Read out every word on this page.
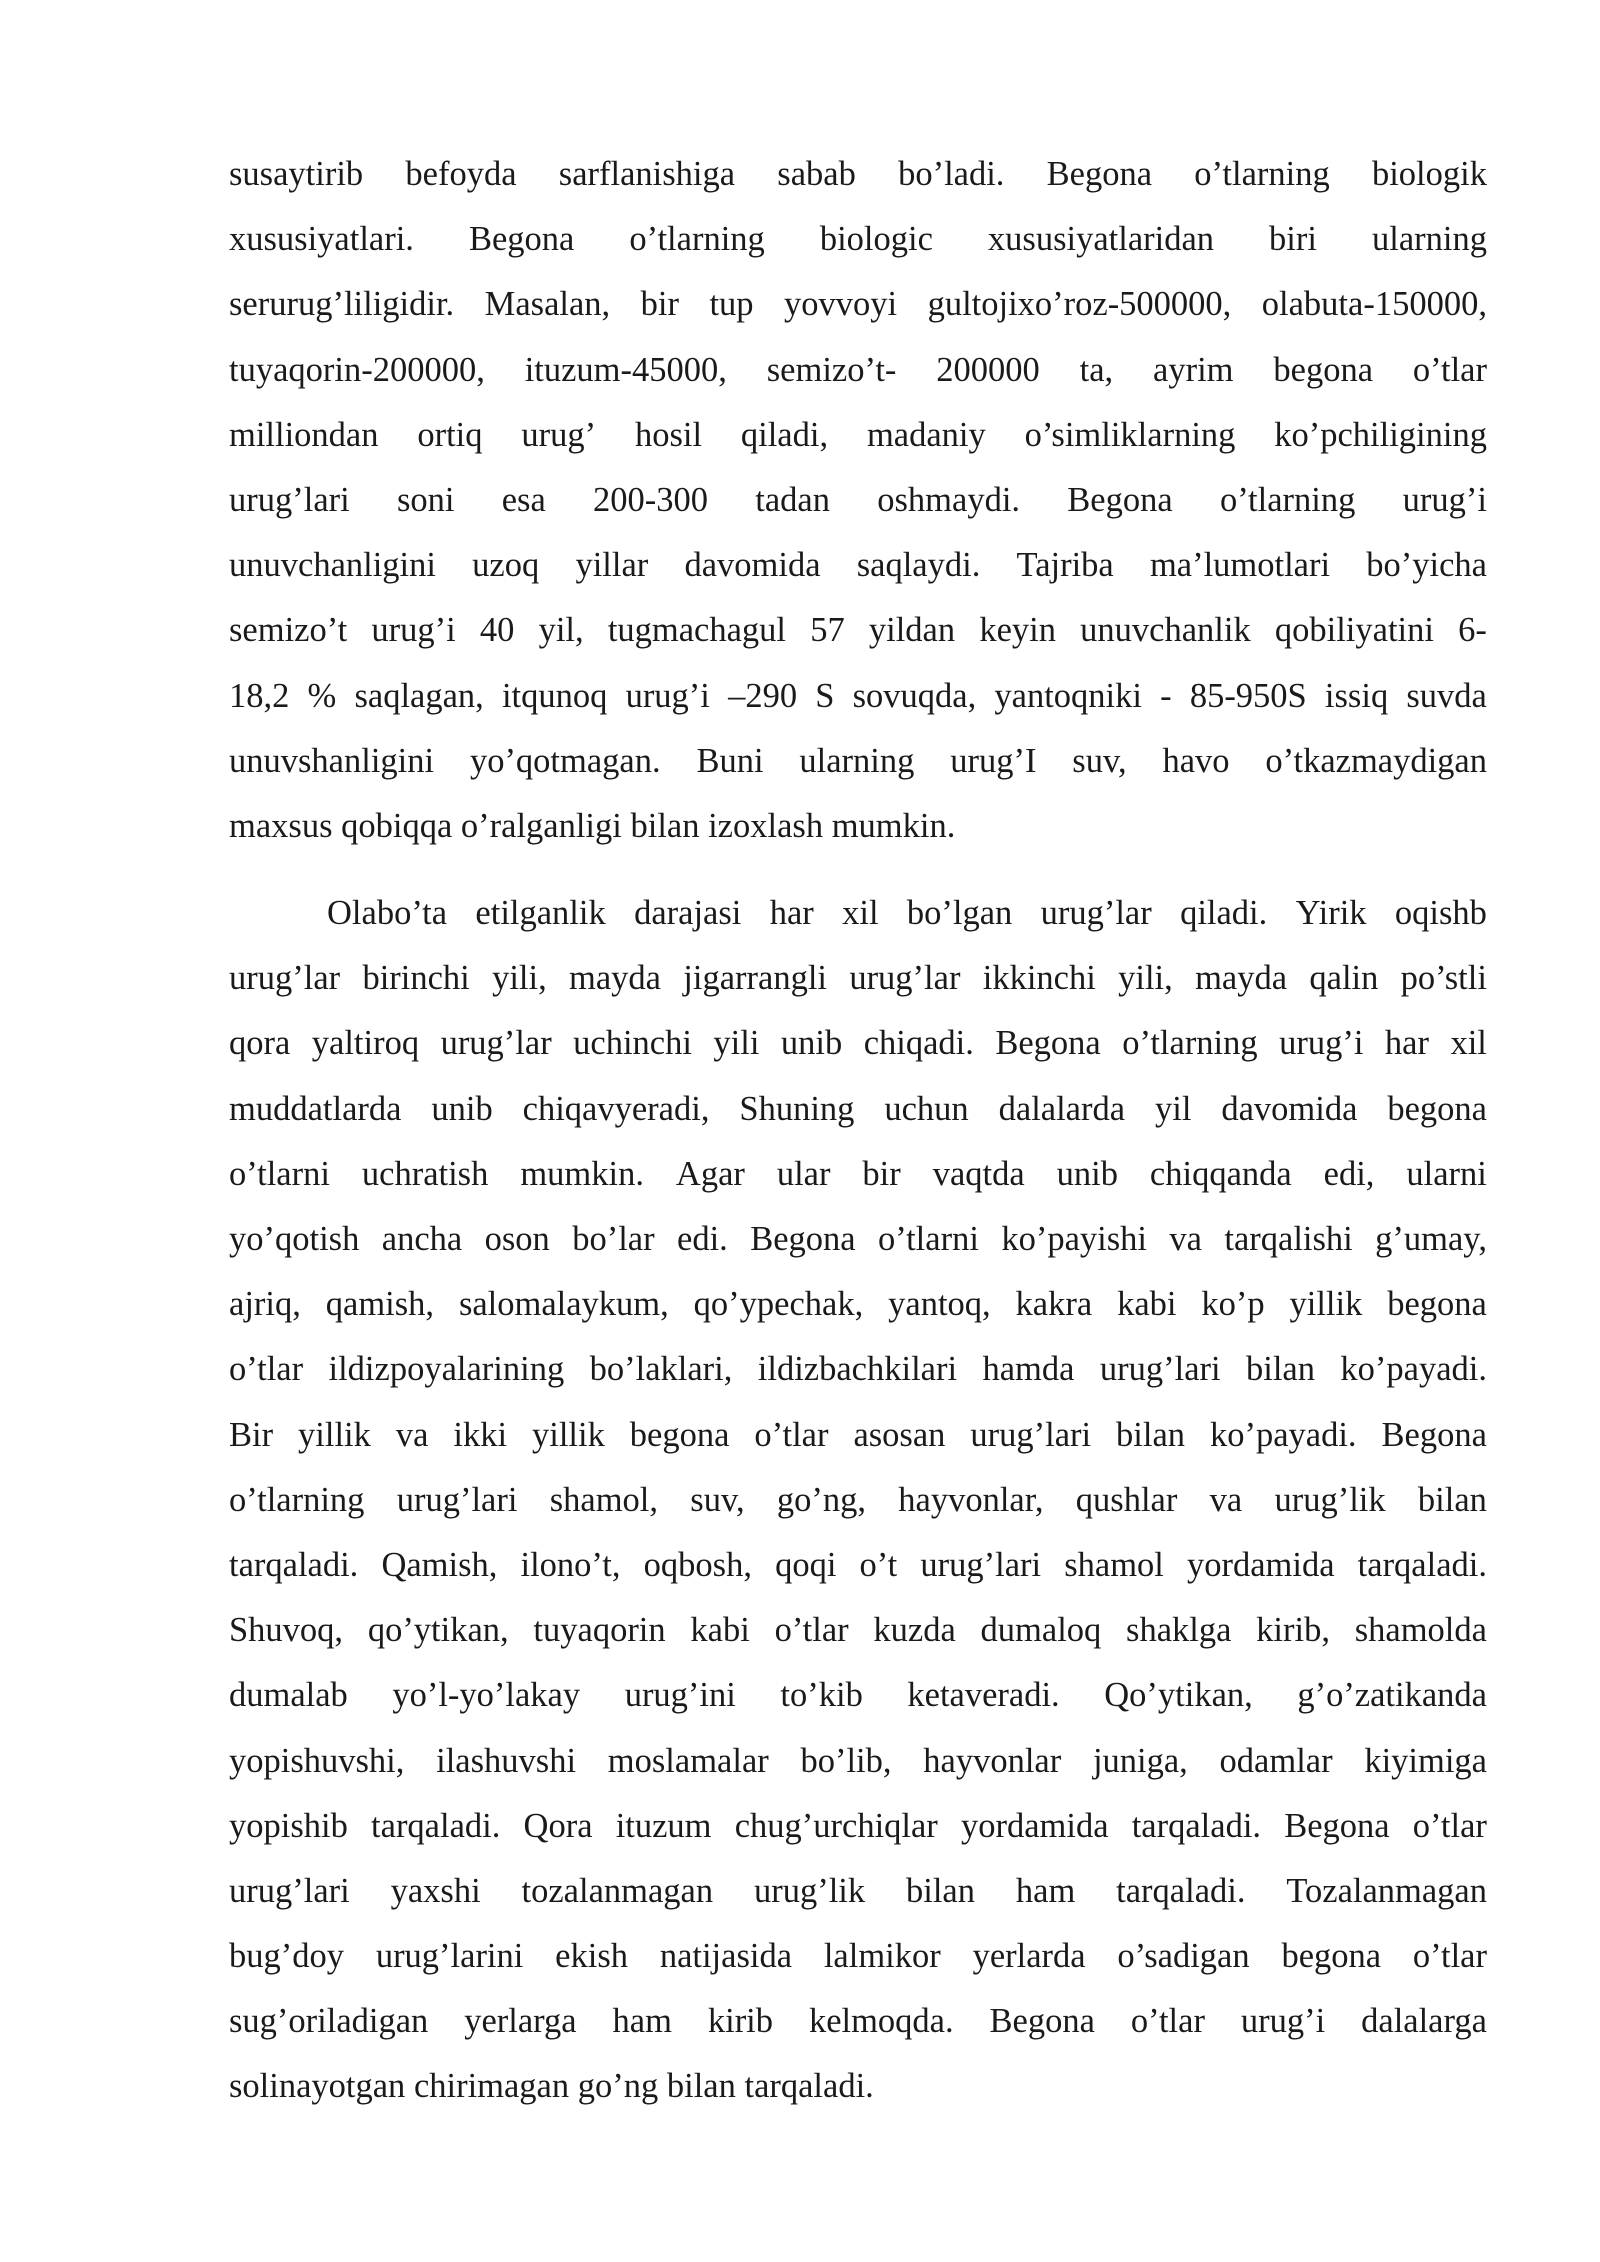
susaytirib befoyda sarflanishiga sabab bo’ladi. Begona o’tlarning biologik
xususiyatlari. Begona o’tlarning biologic xususiyatlaridan biri ularning
serurug’liligidir. Masalan, bir tup yovvoyi gultojixo’roz-500000, olabuta-150000,
tuyaqorin-200000, ituzum-45000, semizo’t- 200000 ta, ayrim begona o’tlar
milliondan ortiq urug’ hosil qiladi, madaniy o’simliklarning ko’pchiligining
urug’lari soni esa 200-300 tadan oshmaydi. Begona o’tlarning urug’i
unuvchanligini uzoq yillar davomida saqlaydi. Tajriba ma’lumotlari bo’yicha
semizo’t urug’i 40 yil, tugmachagul 57 yildan keyin unuvchanlik qobiliyatini 6-
18,2 % saqlagan, itqunoq urug’i –290 S sovuqda, yantoqniki - 85-950S issiq suvda
unuvshanligini yo’qotmagan. Buni ularning urug’I suv, havo o’tkazmaydigan
maxsus qobiqqa o’ralganligi bilan izoxlash mumkin.
Olabo’ta etilganlik darajasi har xil bo’lgan urug’lar qiladi. Yirik oqishb
urug’lar birinchi yili, mayda jigarrangli urug’lar ikkinchi yili, mayda qalin po’stli
qora yaltiroq urug’lar uchinchi yili unib chiqadi. Begona o’tlarning urug’i har xil
muddatlarda unib chiqavyeradi, Shuning uchun dalalarda yil davomida begona
o’tlarni uchratish mumkin. Agar ular bir vaqtda unib chiqqanda edi, ularni
yo’qotish ancha oson bo’lar edi. Begona o’tlarni ko’payishi va tarqalishi g’umay,
ajriq, qamish, salomalaykum, qo’ypechak, yantoq, kakra kabi ko’p yillik begona
o’tlar ildizpoyalarining bo’laklari, ildizbachkilari hamda urug’lari bilan ko’payadi.
Bir yillik va ikki yillik begona o’tlar asosan urug’lari bilan ko’payadi. Begona
o’tlarning urug’lari shamol, suv, go’ng, hayvonlar, qushlar va urug’lik bilan
tarqaladi. Qamish, ilono’t, oqbosh, qoqi o’t urug’lari shamol yordamida tarqaladi.
Shuvoq, qo’ytikan, tuyaqorin kabi o’tlar kuzda dumaloq shaklga kirib, shamolda
dumalab yo’l-yo’lakay urug’ini to’kib ketaveradi. Qo’ytikan, g’o’zatikanda
yopishuvshi, ilashuvshi moslamalar bo’lib, hayvonlar juniga, odamlar kiyimiga
yopishib tarqaladi. Qora ituzum chug’urchiqlar yordamida tarqaladi. Begona o’tlar
urug’lari yaxshi tozalanmagan urug’lik bilan ham tarqaladi. Tozalanmagan
bug’doy urug’larini ekish natijasida lalmikor yerlarda o’sadigan begona o’tlar
sug’oriladigan yerlarga ham kirib kelmoqda. Begona o’tlar urug’i dalalarga
solinayotgan chirimagan go’ng bilan tarqaladi.
